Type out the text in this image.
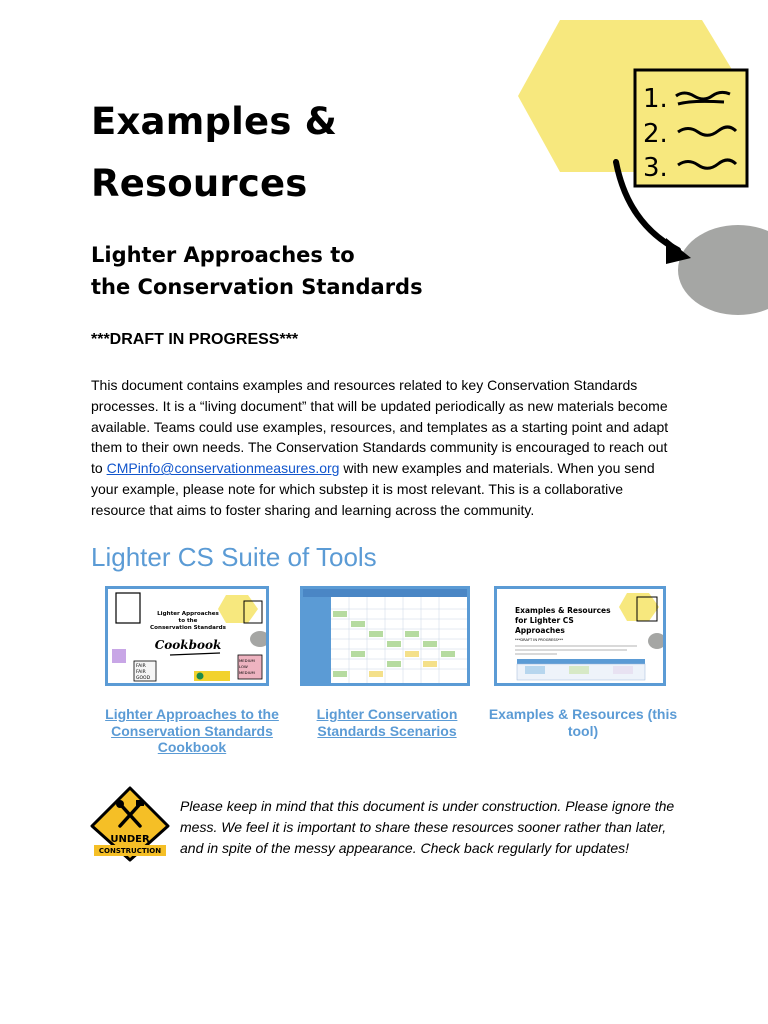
1.
2.
3.
Examples &
Resources
Lighter Approaches to
the Conservation Standards

***DRAFT IN PROGRESS***

This document contains examples and resources related to key Conservation Standards processes. It is a “living document” that will be updated periodically as new materials become available. Teams could use examples, resources, and templates as a starting point and adapt them to their own needs. The Conservation Standards community is encouraged to reach out to CMPinfo@conservationmeasures.org with new examples and materials. When you send your example, please note for which substep it is most relevant. This is a collaborative resource that aims to foster sharing and learning across the community.

Lighter CS Suite of Tools
Lighter Approaches
to the
Conservation Standards
Cookbook
FAIR
FAIR
GOOD
MEDIUM
LOW
MEDIUM
Lighter Approaches to the Conservation Standards Cookbook
Lighter Conservation Standards Scenarios
Examples & Resources
for Lighter CS
Approaches
***DRAFT IN PROGRESS***
Examples & Resources (this tool)
UNDER
CONSTRUCTION

Please keep in mind that this document is under construction. Please ignore the mess. We feel it is important to share these resources sooner rather than later, and in spite of the messy appearance. Check back regularly for updates!
